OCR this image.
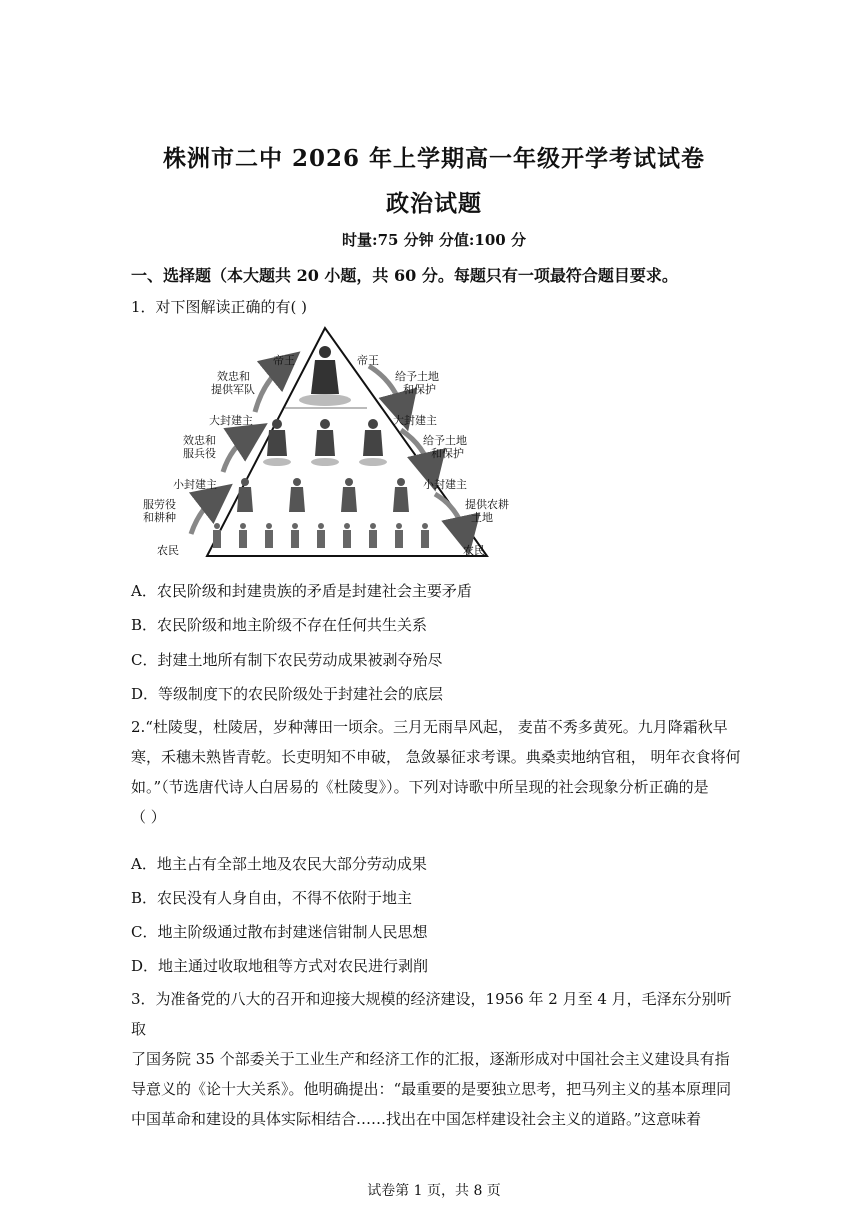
株洲市二中 2026 年上学期高一年级开学考试试卷
政治试题
时量:75 分钟 分值:100 分
一、选择题（本大题共 20 小题，共 60 分。每题只有一项最符合题目要求。
1．对下图解读正确的有( )
帝王
效忠和
提供军队
大封建主
效忠和
服兵役
小封建主
服劳役
和耕种
农民
帝王
给予土地
和保护
大封建主
给予土地
和保护
小封建主
提供农耕
土地
农民
A．农民阶级和封建贵族的矛盾是封建社会主要矛盾
B．农民阶级和地主阶级不存在任何共生关系
C．封建土地所有制下农民劳动成果被剥夺殆尽
D．等级制度下的农民阶级处于封建社会的底层
2.“杜陵叟，杜陵居，岁种薄田一顷余。三月无雨旱风起， 麦苗不秀多黄死。九月降霜秋早
寒，禾穗未熟皆青乾。长吏明知不申破， 急敛暴征求考课。典桑卖地纳官租， 明年衣食将何
如。”（节选唐代诗人白居易的《杜陵叟》）。下列对诗歌中所呈现的社会现象分析正确的是
（ ）
A．地主占有全部土地及农民大部分劳动成果
B．农民没有人身自由，不得不依附于地主
C．地主阶级通过散布封建迷信钳制人民思想
D．地主通过收取地租等方式对农民进行剥削
3．为准备党的八大的召开和迎接大规模的经济建设，1956 年 2 月至 4 月，毛泽东分别听取
了国务院 35 个部委关于工业生产和经济工作的汇报，逐渐形成对中国社会主义建设具有指
导意义的《论十大关系》。他明确提出：“最重要的是要独立思考，把马列主义的基本原理同
中国革命和建设的具体实际相结合……找出在中国怎样建设社会主义的道路。”这意味着
试卷第 1 页，共 8 页
